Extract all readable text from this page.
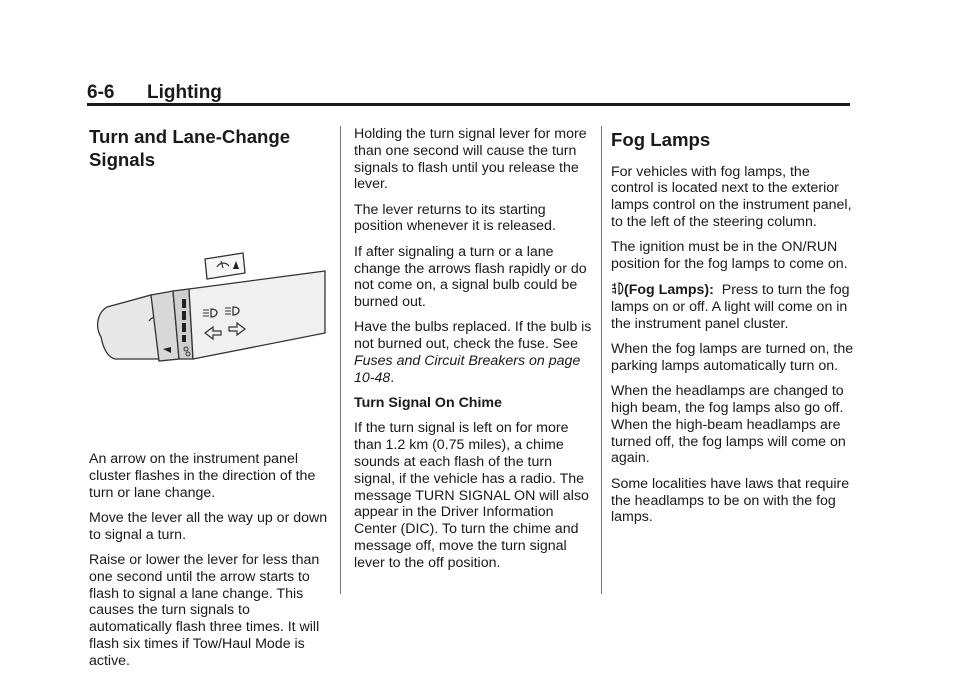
6-6 Lighting
Turn and Lane-Change Signals

An arrow on the instrument panel cluster flashes in the direction of the turn or lane change.

Move the lever all the way up or down to signal a turn.

Raise or lower the lever for less than one second until the arrow starts to flash to signal a lane change. This causes the turn signals to automatically flash three times. It will flash six times if Tow/Haul Mode is active.

Holding the turn signal lever for more than one second will cause the turn signals to flash until you release the lever.

The lever returns to its starting position whenever it is released.

If after signaling a turn or a lane change the arrows flash rapidly or do not come on, a signal bulb could be burned out.

Have the bulbs replaced. If the bulb is not burned out, check the fuse. See Fuses and Circuit Breakers on page 10-48.

Turn Signal On Chime

If the turn signal is left on for more than 1.2 km (0.75 miles), a chime sounds at each flash of the turn signal, if the vehicle has a radio. The message TURN SIGNAL ON will also appear in the Driver Information Center (DIC). To turn the chime and message off, move the turn signal lever to the off position.

Fog Lamps

For vehicles with fog lamps, the control is located next to the exterior lamps control on the instrument panel, to the left of the steering column.

The ignition must be in the ON/RUN position for the fog lamps to come on.

(Fog Lamps): Press to turn the fog lamps on or off. A light will come on in the instrument panel cluster.

When the fog lamps are turned on, the parking lamps automatically turn on.

When the headlamps are changed to high beam, the fog lamps also go off. When the high-beam headlamps are turned off, the fog lamps will come on again.

Some localities have laws that require the headlamps to be on with the fog lamps.
